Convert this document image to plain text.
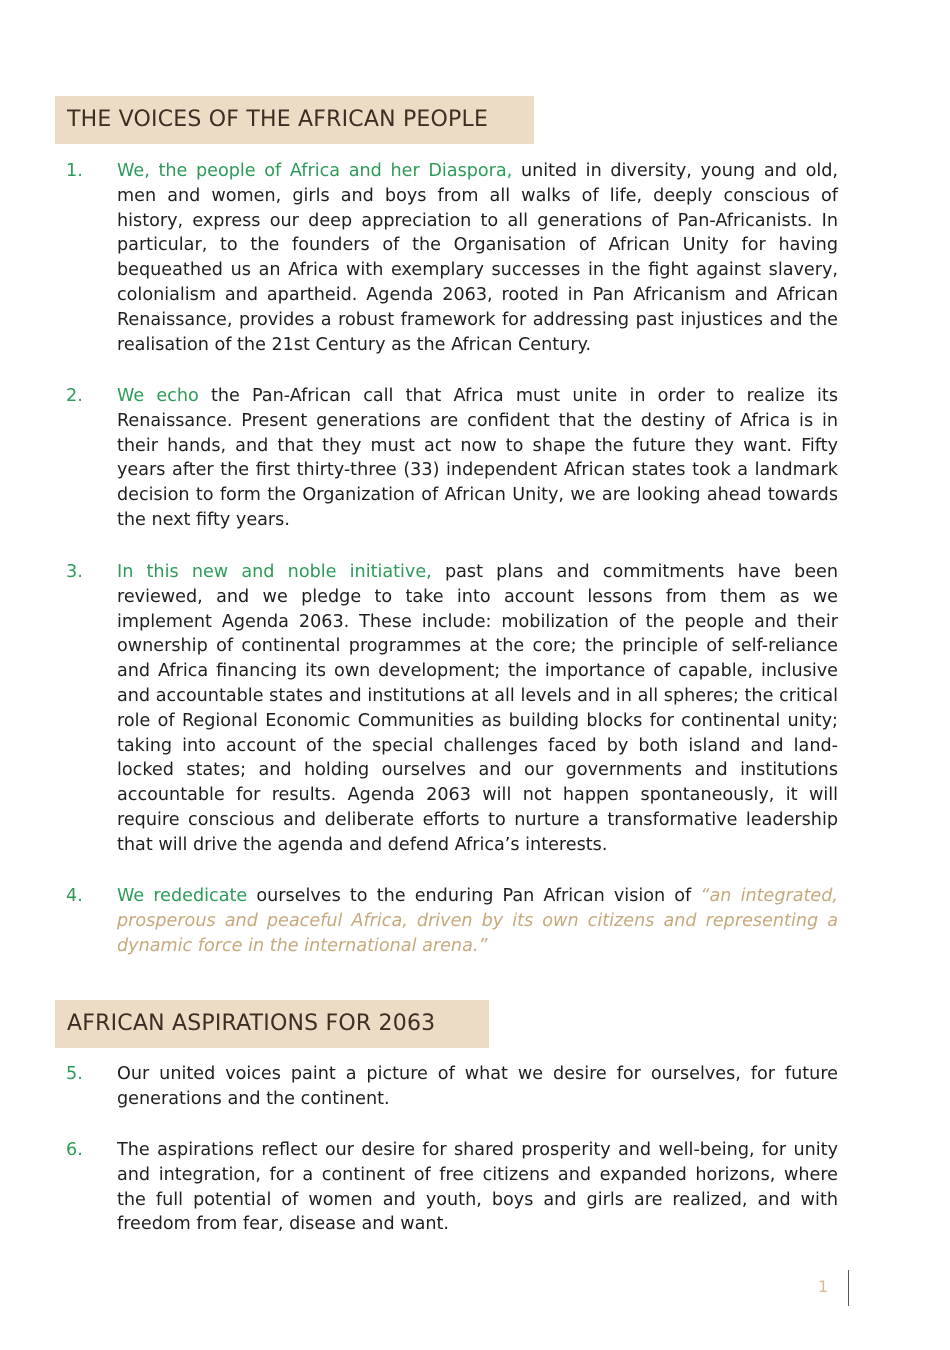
THE VOICES OF THE AFRICAN PEOPLE
1. We, the people of Africa and her Diaspora, united in diversity, young and old, men and women, girls and boys from all walks of life, deeply conscious of history, express our deep appreciation to all generations of Pan-Africanists. In particular, to the founders of the Organisation of African Unity for having bequeathed us an Africa with exemplary successes in the fight against slavery, colonialism and apartheid. Agenda 2063, rooted in Pan Africanism and African Renaissance, provides a robust framework for addressing past injustices and the realisation of the 21st Century as the African Century.
2. We echo the Pan-African call that Africa must unite in order to realize its Renaissance. Present generations are confident that the destiny of Africa is in their hands, and that they must act now to shape the future they want. Fifty years after the first thirty-three (33) independent African states took a landmark decision to form the Organization of African Unity, we are looking ahead towards the next fifty years.
3. In this new and noble initiative, past plans and commitments have been reviewed, and we pledge to take into account lessons from them as we implement Agenda 2063. These include: mobilization of the people and their ownership of continental programmes at the core; the principle of self-reliance and Africa financing its own development; the importance of capable, inclusive and accountable states and institutions at all levels and in all spheres; the critical role of Regional Economic Communities as building blocks for continental unity; taking into account of the special challenges faced by both island and land-locked states; and holding ourselves and our governments and institutions accountable for results. Agenda 2063 will not happen spontaneously, it will require conscious and deliberate efforts to nurture a transformative leadership that will drive the agenda and defend Africa’s interests.
4. We rededicate ourselves to the enduring Pan African vision of “an integrated, prosperous and peaceful Africa, driven by its own citizens and representing a dynamic force in the international arena.”
AFRICAN ASPIRATIONS FOR 2063
5. Our united voices paint a picture of what we desire for ourselves, for future generations and the continent.
6. The aspirations reflect our desire for shared prosperity and well-being, for unity and integration, for a continent of free citizens and expanded horizons, where the full potential of women and youth, boys and girls are realized, and with freedom from fear, disease and want.
1
